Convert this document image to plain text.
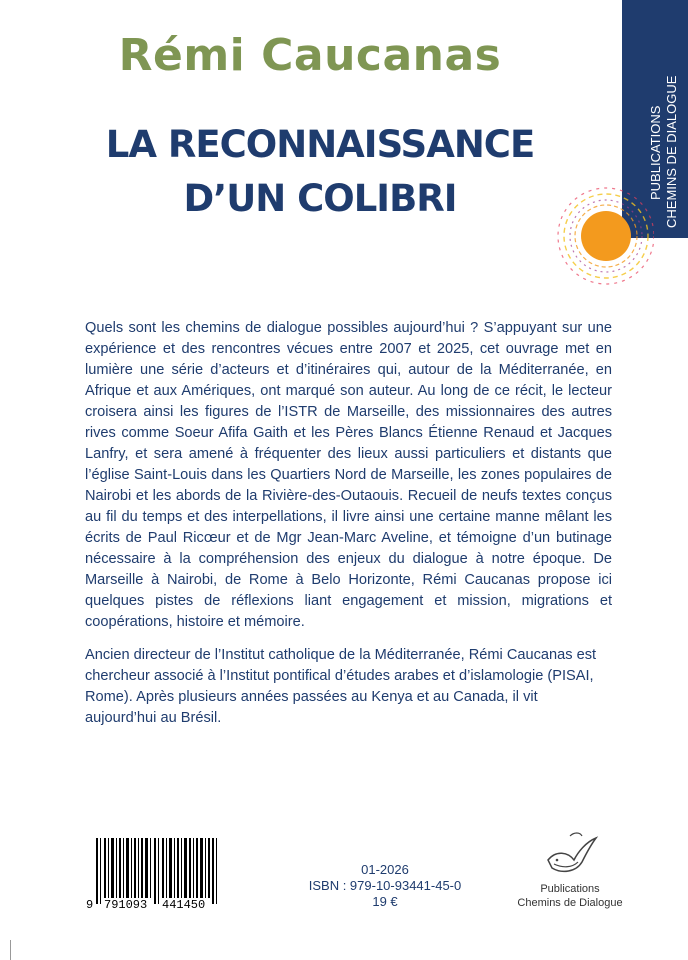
PUBLICATIONS CHEMINS DE DIALOGUE
Rémi Caucanas
LA RECONNAISSANCE
D’UN COLIBRI

Quels sont les chemins de dialogue possibles aujourd’hui ? S’appuyant sur une expérience et des rencontres vécues entre 2007 et 2025, cet ouvrage met en lumière une série d’acteurs et d’itinéraires qui, autour de la Méditerranée, en Afrique et aux Amériques, ont marqué son auteur. Au long de ce récit, le lecteur croisera ainsi les figures de l’ISTR de Marseille, des missionnaires des autres rives comme Soeur Afifa Gaith et les Pères Blancs Étienne Renaud et Jacques Lanfry, et sera amené à fréquenter des lieux aussi particuliers et distants que l’église Saint-Louis dans les Quartiers Nord de Marseille, les zones populaires de Nairobi et les abords de la Rivière-des-Outaouis. Recueil de neufs textes conçus au fil du temps et des interpellations, il livre ainsi une certaine manne mêlant les écrits de Paul Ricœur et de Mgr Jean-Marc Aveline, et témoigne d’un butinage nécessaire à la compréhension des enjeux du dialogue à notre époque. De Marseille à Nairobi, de Rome à Belo Horizonte, Rémi Caucanas propose ici quelques pistes de réflexions liant engagement et mission, migrations et coopérations, histoire et mémoire.

Ancien directeur de l’Institut catholique de la Méditerranée, Rémi Caucanas est chercheur associé à l’Institut pontifical d’études arabes et d’islamologie (PISAI, Rome). Après plusieurs années passées au Kenya et au Canada, il vit aujourd’hui au Brésil.

9 791093 441450
01-2026
ISBN : 979-10-93441-45-0
19 €
Publications
Chemins de Dialogue
